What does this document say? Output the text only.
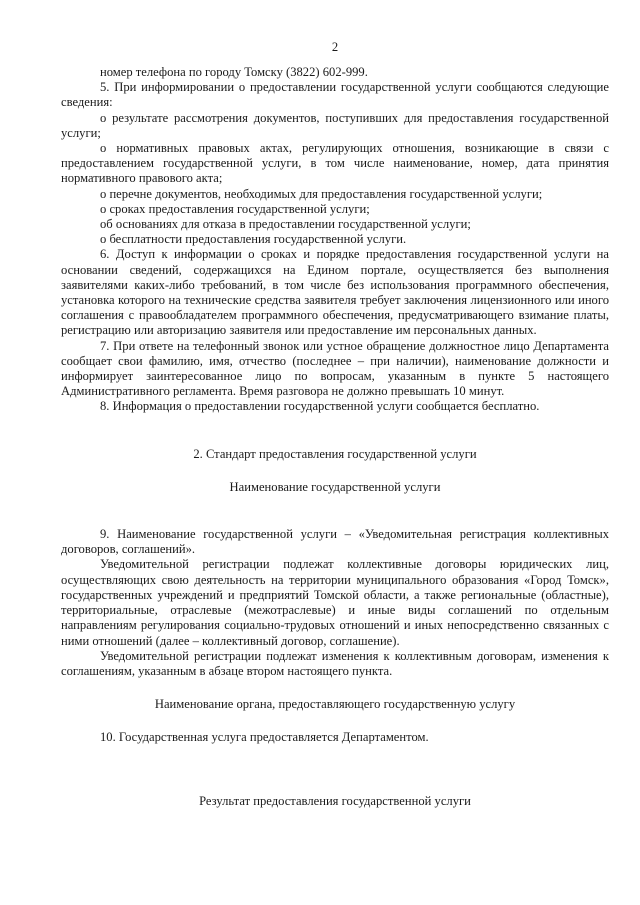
2

номер телефона по городу Томску (3822) 602-999.

5. При информировании о предоставлении государственной услуги сообщаются следующие сведения:

о результате рассмотрения документов, поступивших для предоставления государственной услуги;

о нормативных правовых актах, регулирующих отношения, возникающие в связи с предоставлением государственной услуги, в том числе наименование, номер, дата принятия нормативного правового акта;

о перечне документов, необходимых для предоставления государственной услуги;

о сроках предоставления государственной услуги;

об основаниях для отказа в предоставлении государственной услуги;

о бесплатности предоставления государственной услуги.

6. Доступ к информации о сроках и порядке предоставления государственной услуги на основании сведений, содержащихся на Едином портале, осуществляется без выполнения заявителями каких-либо требований, в том числе без использования программного обеспечения, установка которого на технические средства заявителя требует заключения лицензионного или иного соглашения с правообладателем программного обеспечения, предусматривающего взимание платы, регистрацию или авторизацию заявителя или предоставление им персональных данных.

7. При ответе на телефонный звонок или устное обращение должностное лицо Департамента сообщает свои фамилию, имя, отчество (последнее – при наличии), наименование должности и информирует заинтересованное лицо по вопросам, указанным в пункте 5 настоящего Административного регламента. Время разговора не должно превышать 10 минут.

8. Информация о предоставлении государственной услуги сообщается бесплатно.

2. Стандарт предоставления государственной услуги
Наименование государственной услуги

9. Наименование государственной услуги – «Уведомительная регистрация коллективных договоров, соглашений».

Уведомительной регистрации подлежат коллективные договоры юридических лиц, осуществляющих свою деятельность на территории муниципального образования «Город Томск», государственных учреждений и предприятий Томской области, а также региональные (областные), территориальные, отраслевые (межотраслевые) и иные виды соглашений по отдельным направлениям регулирования социально-трудовых отношений и иных непосредственно связанных с ними отношений (далее – коллективный договор, соглашение).

Уведомительной регистрации подлежат изменения к коллективным договорам, изменения к соглашениям, указанным в абзаце втором настоящего пункта.

Наименование органа, предоставляющего государственную услугу

10. Государственная услуга предоставляется Департаментом.

Результат предоставления государственной услуги
